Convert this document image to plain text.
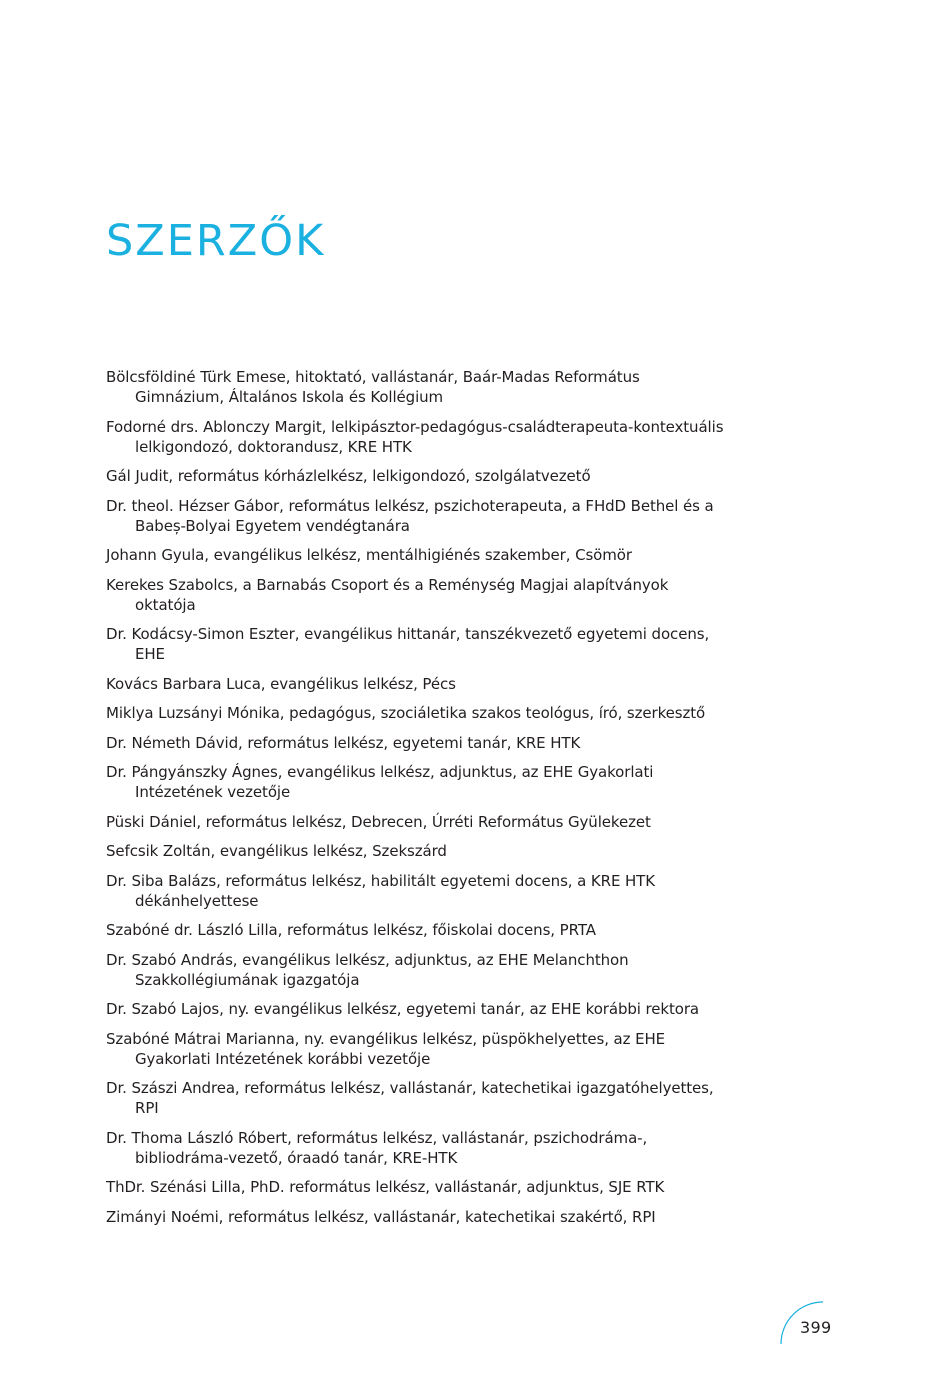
SZERZŐK
Bölcsföldiné Türk Emese, hitoktató, vallástanár, Baár-Madas Református Gimnázium, Általános Iskola és Kollégium
Fodorné drs. Ablonczy Margit, lelkipásztor-pedagógus-családterapeuta-kontextuális lelkigondozó, doktorandusz, KRE HTK
Gál Judit, református kórházlelkész, lelkigondozó, szolgálatvezető
Dr. theol. Hézser Gábor, református lelkész, pszichoterapeuta, a FHdD Bethel és a Babeș-Bolyai Egyetem vendégtanára
Johann Gyula, evangélikus lelkész, mentálhigiénés szakember, Csömör
Kerekes Szabolcs, a Barnabás Csoport és a Reménység Magjai alapítványok oktatója
Dr. Kodácsy-Simon Eszter, evangélikus hittanár, tanszékvezető egyetemi docens, EHE
Kovács Barbara Luca, evangélikus lelkész, Pécs
Miklya Luzsányi Mónika, pedagógus, szociáletika szakos teológus, író, szerkesztő
Dr. Németh Dávid, református lelkész, egyetemi tanár, KRE HTK
Dr. Pángyánszky Ágnes, evangélikus lelkész, adjunktus, az EHE Gyakorlati Intézetének vezetője
Püski Dániel, református lelkész, Debrecen, Úrréti Református Gyülekezet
Sefcsik Zoltán, evangélikus lelkész, Szekszárd
Dr. Siba Balázs, református lelkész, habilitált egyetemi docens, a KRE HTK dékánhelyettese
Szabóné dr. László Lilla, református lelkész, főiskolai docens, PRTA
Dr. Szabó András, evangélikus lelkész, adjunktus, az EHE Melanchthon Szakkollégiumának igazgatója
Dr. Szabó Lajos, ny. evangélikus lelkész, egyetemi tanár, az EHE korábbi rektora
Szabóné Mátrai Marianna, ny. evangélikus lelkész, püspökhelyettes, az EHE Gyakorlati Intézetének korábbi vezetője
Dr. Szászi Andrea, református lelkész, vallástanár, katechetikai igazgatóhelyettes, RPI
Dr. Thoma László Róbert, református lelkész, vallástanár, pszichodráma-, bibliodráma-vezető, óraadó tanár, KRE-HTK
ThDr. Szénási Lilla, PhD. református lelkész, vallástanár, adjunktus, SJE RTK
Zimányi Noémi, református lelkész, vallástanár, katechetikai szakértő, RPI
399
